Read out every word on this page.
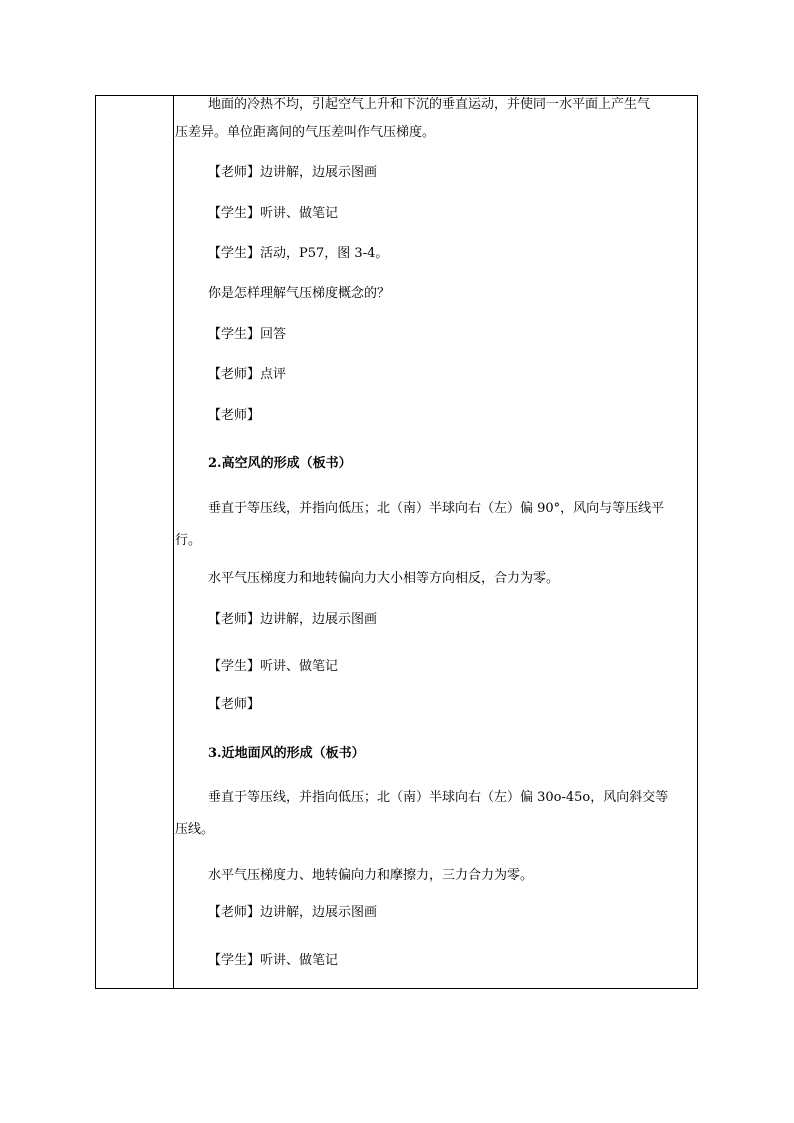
地面的冷热不均，引起空气上升和下沉的垂直运动，并使同一水平面上产生气
压差异。单位距离间的气压差叫作气压梯度。
【老师】边讲解，边展示图画
【学生】听讲、做笔记
【学生】活动，P57，图 3-4。
你是怎样理解气压梯度概念的？
【学生】回答
【老师】点评
【老师】
2.高空风的形成（板书）
垂直于等压线，并指向低压；北（南）半球向右（左）偏 90°，风向与等压线平
行。
水平气压梯度力和地转偏向力大小相等方向相反，合力为零。
【老师】边讲解，边展示图画
【学生】听讲、做笔记
【老师】
3.近地面风的形成（板书）
垂直于等压线，并指向低压；北（南）半球向右（左）偏 30o-45o，风向斜交等
压线。
水平气压梯度力、地转偏向力和摩擦力，三力合力为零。
【老师】边讲解，边展示图画
【学生】听讲、做笔记
